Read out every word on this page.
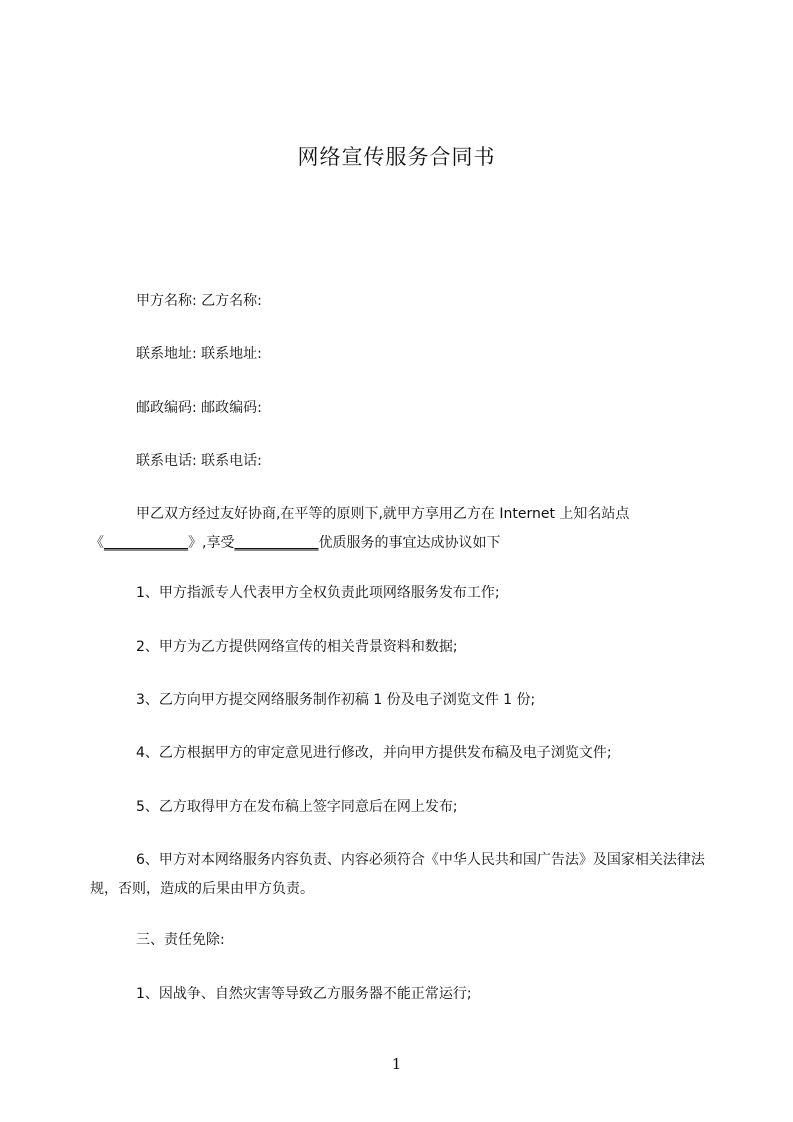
网络宣传服务合同书
甲方名称: 乙方名称:
联系地址: 联系地址:
邮政编码: 邮政编码:
联系电话: 联系电话:
甲乙双方经过友好协商,在平等的原则下,就甲方享用乙方在 Internet 上知名站点《____________》,享受____________优质服务的事宜达成协议如下
1、甲方指派专人代表甲方全权负责此项网络服务发布工作;
2、甲方为乙方提供网络宣传的相关背景资料和数据;
3、乙方向甲方提交网络服务制作初稿 1 份及电子浏览文件 1 份;
4、乙方根据甲方的审定意见进行修改，并向甲方提供发布稿及电子浏览文件;
5、乙方取得甲方在发布稿上签字同意后在网上发布;
6、甲方对本网络服务内容负责、内容必须符合《中华人民共和国广告法》及国家相关法律法规，否则，造成的后果由甲方负责。
三、责任免除:
1、因战争、自然灾害等导致乙方服务器不能正常运行;
1
